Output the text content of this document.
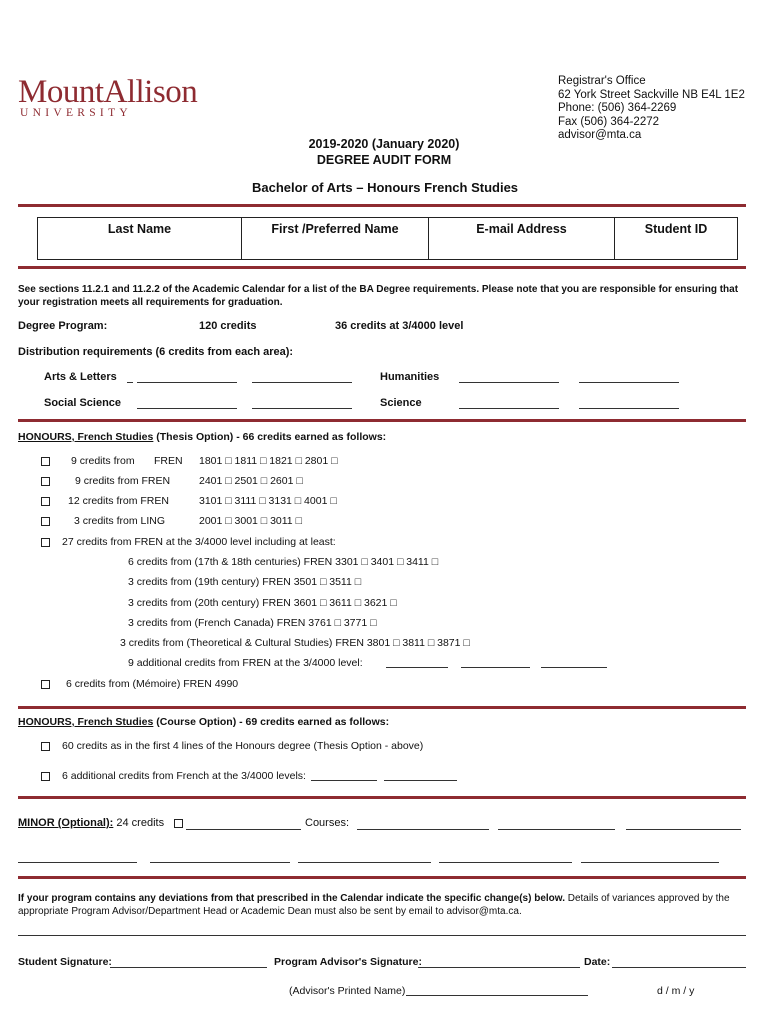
MountAllison
UNIVERSITY
Registrar's Office
62 York Street Sackville NB E4L 1E2
Phone: (506) 364-2269
Fax (506) 364-2272
advisor@mta.ca
2019-2020 (January 2020)
DEGREE AUDIT FORM
Bachelor of Arts – Honours French Studies
Last Name	First /Preferred Name	E-mail Address	Student ID
See sections 11.2.1 and 11.2.2 of the Academic Calendar for a list of the BA Degree requirements. Please note that you are responsible for ensuring that your registration meets all requirements for graduation.
Degree Program:	120 credits	36 credits at 3/4000 level
Distribution requirements (6 credits from each area):
Arts & Letters	Humanities
Social Science	Science
HONOURS, French Studies (Thesis Option) - 66 credits earned as follows:
9 credits from FREN 1801 □ 1811 □ 1821 □ 2801 □
9 credits from FREN	2401 □ 2501 □ 2601 □
12 credits from FREN	3101 □ 3111 □ 3131 □ 4001 □
3 credits from LING	2001 □ 3001 □ 3011 □
27 credits from FREN at the 3/4000 level including at least:
6 credits from (17th & 18th centuries) FREN 3301 □ 3401 □ 3411 □
3 credits from (19th century) FREN 3501 □ 3511 □
3 credits from (20th century) FREN 3601 □ 3611 □ 3621 □
3 credits from (French Canada) FREN 3761 □ 3771 □
3 credits from (Theoretical & Cultural Studies) FREN 3801 □ 3811 □ 3871 □
9 additional credits from FREN at the 3/4000 level:
6 credits from (Mémoire) FREN 4990
HONOURS, French Studies (Course Option) - 69 credits earned as follows:
60 credits as in the first 4 lines of the Honours degree (Thesis Option - above)
6 additional credits from French at the 3/4000 levels:
MINOR (Optional): 24 credits	Courses:
If your program contains any deviations from that prescribed in the Calendar indicate the specific change(s) below. Details of variances approved by the appropriate Program Advisor/Department Head or Academic Dean must also be sent by email to advisor@mta.ca.
Student Signature:	Program Advisor's Signature:	Date:
(Advisor's Printed Name)	d / m / y
